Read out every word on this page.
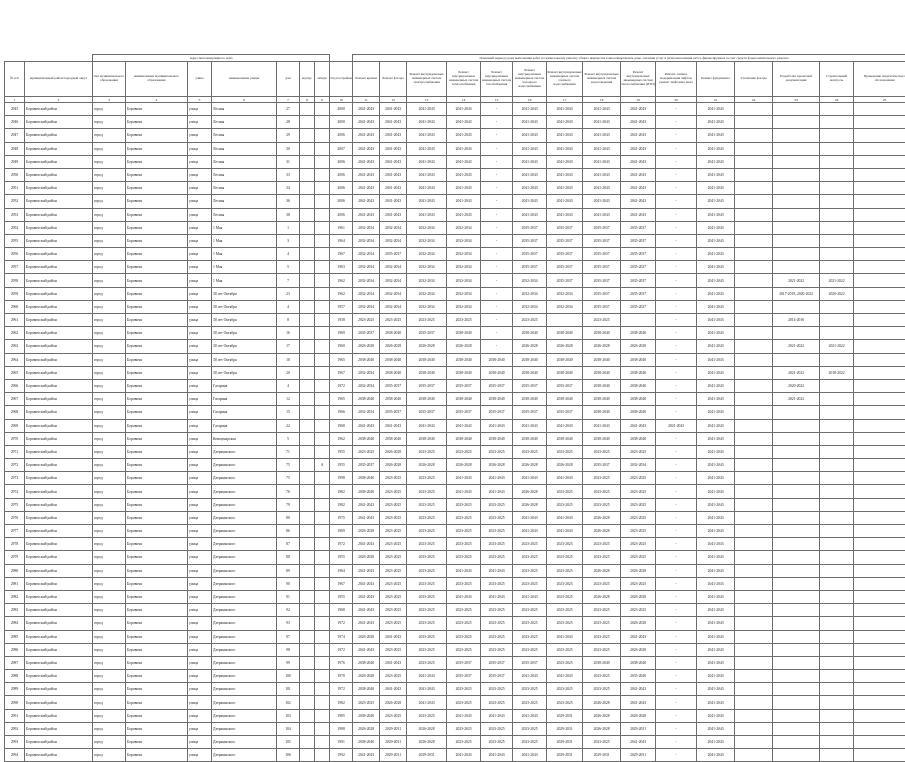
		Адрес многоквартирного дома								Плановый период (срок) выполнения работ по капитальному ремонту общего имущества в многоквартирном доме, оказания услуг и (или) выполнения работ, финансируемых за счет средств фонда капитального ремонта														
№ п/п	муниципальный район/городской округ	тип муниципального образования	наименование муниципального образования	улица	наименование улицы	дом	корпус	литера	Год постройки	Ремонт крыши	Ремонт фасада	Ремонт внутридомовых инженерных систем электроснабжения	Ремонт внутридомовых инженерных систем теплоснабжения	Ремонт внутридомовых инженерных систем газоснабжения	Ремонт внутридомовых инженерных систем холодного водоснабжения	Ремонт внутридомовых инженерных систем горячего водоснабжения	Ремонт внутридомовых инженерных систем водоотведения	Ремонт внутридомовых инженерных систем теплоснабжения (ИТП)	Ремонт, замена, модернизация лифтов, ремонт лифтовых шахт	Ремонт фундамента	Утепление фасада	Разработка проектной документации	Строительный контроль	Проведение энергетического обследования
1	2	3	4	5	6	7	8	9	10	11	12	13	14	15	16	17	18	19	20	21	22	23	24	25
2945	Боровичский район	город	Боровичи	улица	Лесная	27			2000	2041-2043	2041-2043	2041-2043	2041-2043	-	2041-2043	2041-2043	2041-2043	2041-2043	-	2041-2043				
2946	Боровичский район	город	Боровичи	улица	Лесная	28			2000	2041-2043	2041-2043	2041-2043	2041-2043	-	2041-2043	2041-2043	2041-2043	2041-2043	-	2041-2043				
2947	Боровичский район	город	Боровичи	улица	Лесная	29			2006	2041-2043	2041-2043	2041-2043	2041-2043	-	2041-2043	2041-2043	2041-2043	2041-2043	-	2041-2043				
2948	Боровичский район	город	Боровичи	улица	Лесная	30			2007	2041-2043	2041-2043	2041-2043	2041-2043	-	2041-2043	2041-2043	2041-2043	2041-2043	-	2041-2043				
2949	Боровичский район	город	Боровичи	улица	Лесная	31			2006	2041-2043	2041-2043	2041-2043	2041-2043	-	2041-2043	2041-2043	2041-2043	2041-2043	-	2041-2043				
2950	Боровичский район	город	Боровичи	улица	Лесная	33			2006	2041-2043	2041-2043	2041-2043	2041-2043	-	2041-2043	2041-2043	2041-2043	2041-2043	-	2041-2043				
2951	Боровичский район	город	Боровичи	улица	Лесная	34			2006	2041-2043	2041-2043	2041-2043	2041-2043	-	2041-2043	2041-2043	2041-2043	2041-2043	-	2041-2043				
2952	Боровичский район	город	Боровичи	улица	Лесная	36			2006	2041-2043	2041-2043	2041-2043	2041-2043	-	2041-2043	2041-2043	2041-2043	2041-2043	-	2041-2043				
2953	Боровичский район	город	Боровичи	улица	Лесная	38			2006	2041-2043	2041-2043	2041-2043	2041-2043	-	2041-2043	2041-2043	2041-2043	2041-2043	-	2041-2043				
2954	Боровичский район	город	Боровичи	улица	1 Мая	1			1961	2032-2034	2032-2034	2032-2034	2032-2034	-	2035-2037	2035-2037	2035-2037	2035-2037	-	2041-2043				
2955	Боровичский район	город	Боровичи	улица	1 Мая	3			1964	2032-2034	2032-2034	2032-2034	2032-2034	-	2035-2037	2035-2037	2035-2037	2035-2037	-	2041-2043				
2956	Боровичский район	город	Боровичи	улица	1 Мая	4			1967	2032-2034	2035-2037	2032-2034	2032-2034	-	2035-2037	2035-2037	2035-2037	2035-2037	-	2041-2043				
2957	Боровичский район	город	Боровичи	улица	1 Мая	5			1963	2032-2034	2032-2034	2032-2034	2032-2034	-	2035-2037	2035-2037	2035-2037	2035-2037	-	2041-2043				
2958	Боровичский район	город	Боровичи	улица	1 Мая	7			1962	2032-2034	2032-2034	2032-2034	2032-2034	-	2032-2034	2035-2037	2035-2037	2035-2037	-	2041-2043		2021-2022	2021-2022	
2959	Боровичский район	город	Боровичи	улица	30 лет Октября	23			1962	2032-2034	2032-2034	2032-2034	2032-2034	-	2032-2034	2032-2034	2035-2037	2035-2037	-	2041-2043		2017-2019, 2020-2022	2020-2022	
2960	Боровичский район	город	Боровичи	улица	30 лет Октября	4			1957	2032-2034	2032-2034	2032-2034	2032-2034	-	2032-2034	2032-2034	2035-2037	2035-2037	-	2041-2043				
2961	Боровичский район	город	Боровичи	улица	30 лет Октября	8			1958	2023-2025	2023-2025	2023-2025	2023-2025	-	2023-2025		2023-2025		-	2041-2043		2014-2016		
2962	Боровичский район	город	Боровичи	улица	30 лет Октября	16			1969	2035-2037	2038-2040	2035-2037	2038-2040	-	2038-2040	2038-2040	2038-2040	2038-2040	-	2041-2043				
2963	Боровичский район	город	Боровичи	улица	30 лет Октября	17			1960	2026-2028	2026-2028	2026-2028	2026-2028	-	2026-2028	2026-2028	2026-2028	2026-2028	-	2041-2043		2021-2022	2021-2022	
2964	Боровичский район	город	Боровичи	улица	30 лет Октября	18			1965	2038-2040	2038-2040	2038-2040	2038-2040	2038-2040	2038-2040	2038-2040	2038-2040	2038-2040	-	2041-2043				
2965	Боровичский район	город	Боровичи	улица	30 лет Октября	20			1967	2032-2034	2038-2040	2038-2040	2038-2040	2038-2040	2038-2040	2038-2040	2038-2040	2038-2040	-	2041-2043		2021-2022	2018-2022	
2966	Боровичский район	город	Боровичи	улица	Гагарина	4			1972	2032-2034	2035-2037	2035-2037	2035-2037	2035-2037	2035-2037	2035-2037	2038-2040	2038-2040	-	2041-2043		2020-2022		
2967	Боровичский район	город	Боровичи	улица	Гагарина	12			1965	2038-2040	2038-2040	2038-2040	2038-2040	2038-2040	2038-2040	2038-2040	2038-2040	2038-2040	-	2041-2043		2021-2022		
2968	Боровичский район	город	Боровичи	улица	Гагарина	15			1966	2032-2034	2035-2037	2035-2037	2035-2037	2035-2037	2035-2037	2035-2037	2038-2040	2038-2040	-	2041-2043				
2969	Боровичский район	город	Боровичи	улица	Гагарина	22			1968	2041-2043	2041-2043	2041-2043	2041-2043	2041-2043	2041-2043	2041-2043	2041-2043	2041-2043	2041-2043	2041-2043				
2970	Боровичский район	город	Боровичи	улица	Коммунарская	5			1962	2038-2040	2038-2040	2038-2040	2038-2040	2038-2040	2038-2040	2038-2040	2038-2040	2038-2040	-	2041-2043				
2971	Боровичский район	город	Боровичи	улица	Дзержинского	71			1955	2023-2025	2026-2028	2023-2025	2023-2025	2023-2025	2023-2025	2023-2025	2023-2025	2023-2025	-	2041-2043				
2972	Боровичский район	город	Боровичи	улица	Дзержинского	75		А	1955	2035-2037	2026-2028	2026-2028	2026-2028	2026-2028	2026-2028	2026-2028	2035-2037	2032-2034	-	2041-2043				
2973	Боровичский район	город	Боровичи	улица	Дзержинского	75			1998	2038-2040	2023-2025	2023-2025	2041-2043	2041-2043	2041-2043	2041-2043	2023-2025	2023-2025	-	2041-2043				
2974	Боровичский район	город	Боровичи	улица	Дзержинского	76			1982	2038-2040	2023-2025	2023-2025	2041-2043	2041-2043	2026-2028	2023-2025	2023-2025	2023-2025	-	2041-2043				
2975	Боровичский район	город	Боровичи	улица	Дзержинского	79			1982	2041-2043	2023-2025	2023-2025	2023-2025	2023-2025	2026-2028	2023-2025	2023-2025	2023-2025	-	2041-2043				
2976	Боровичский район	город	Боровичи	улица	Дзержинского	80			1975	2041-2043	2023-2025	2023-2025	2023-2025	2023-2025	2041-2043	2041-2043	2026-2028	2023-2025	-	2041-2043				
2977	Боровичский район	город	Боровичи	улица	Дзержинского	86			1969	2026-2028	2023-2025	2023-2025	2023-2025	2023-2025	2041-2043	2041-2043	2026-2028	2023-2025	-	2041-2043				
2978	Боровичский район	город	Боровичи	улица	Дзержинского	87			1972	2041-2043	2023-2025	2023-2025	2023-2025	2023-2025	2023-2025	2023-2025	2023-2025	2023-2025	-	2041-2043				
2979	Боровичский район	город	Боровичи	улица	Дзержинского	88			1955	2026-2028	2023-2025	2023-2025	2023-2025	2023-2025	2023-2025	2023-2025	2023-2025	2023-2025	-	2041-2043				
2980	Боровичский район	город	Боровичи	улица	Дзержинского	89			1964	2041-2043	2023-2025	2023-2025	2041-2043	2041-2043	2023-2025	2023-2025	2026-2028	2026-2028	-	2041-2043				
2981	Боровичский район	город	Боровичи	улица	Дзержинского	90			1967	2041-2043	2023-2025	2023-2025	2023-2025	2023-2025	2023-2025	2023-2025	2023-2025	2023-2025	-	2041-2043				
2982	Боровичский район	город	Боровичи	улица	Дзержинского	91			1955	2041-2043	2023-2025	2023-2025	2041-2043	2041-2043	2041-2043	2023-2025	2026-2028	2026-2028	-	2041-2043				
2983	Боровичский район	город	Боровичи	улица	Дзержинского	92			1968	2041-2043	2023-2025	2023-2025	2023-2025	2023-2025	2023-2025	2023-2025	2023-2025	2023-2025	-	2041-2043				
2984	Боровичский район	город	Боровичи	улица	Дзержинского	93			1972	2041-2043	2023-2025	2023-2025	2023-2025	2023-2025	2023-2025	2023-2025	2023-2025	2026-2028	-	2041-2043				
2985	Боровичский район	город	Боровичи	улица	Дзержинского	97			1974	2026-2028	2041-2043	2023-2025	2023-2025	2023-2025	2023-2025	2041-2043	2023-2025	2041-2043	-	2041-2043				
2986	Боровичский район	город	Боровичи	улица	Дзержинского	98			1972	2041-2043	2023-2025	2023-2025	2023-2025	2023-2025	2023-2025	2023-2025	2023-2025	2026-2028	-	2041-2043				
2987	Боровичский район	город	Боровичи	улица	Дзержинского	99			1976	2038-2040	2041-2043	2023-2025	2035-2037	2035-2037	2035-2037	2023-2025	2038-2040	2038-2040	-	2041-2043				
2988	Боровичский район	город	Боровичи	улица	Дзержинского	100			1970	2026-2028	2023-2025	2041-2043	2035-2037	2035-2037	2041-2043	2041-2043	2023-2025	2035-2040	-	2041-2043				
2989	Боровичский район	город	Боровичи	улица	Дзержинского	101			1972	2038-2040	2041-2043	2041-2043	2023-2025	2023-2025	2023-2025	2023-2025	2023-2025	2041-2043	-	2041-2043				
2990	Боровичский район	город	Боровичи	улица	Дзержинского	102			1982	2023-2025	2026-2028	2041-2043	2023-2025	2023-2025	2023-2025	2023-2025	2026-2028	2041-2043	-	2041-2043				
2991	Боровичский район	город	Боровичи	улица	Дзержинского	103			1985	2038-2040	2023-2025	2023-2025	2041-2043	2041-2043	2041-2043	2029-2031	2026-2028	2026-2028	-	2041-2043				
2992	Боровичский район	город	Боровичи	улица	Дзержинского	104			1988	2026-2028	2029-2031	2026-2028	2023-2025	2023-2025	2023-2025	2029-2031	2026-2028	2029-2031	-	2041-2043				
2993	Боровичский район	город	Боровичи	улица	Дзержинского	105			1991	2038-2040	2029-2031	2026-2028	2023-2025	2023-2025	2023-2025	2029-2031	2023-2025	2041-2043	-	2041-2043				
2994	Боровичский район	город	Боровичи	улица	Дзержинского	106			1992	2041-2043	2029-2031	2029-2031	2041-2043	2041-2043	2041-2043	2029-2031	2029-2031	2029-2031	-	2041-2043				
